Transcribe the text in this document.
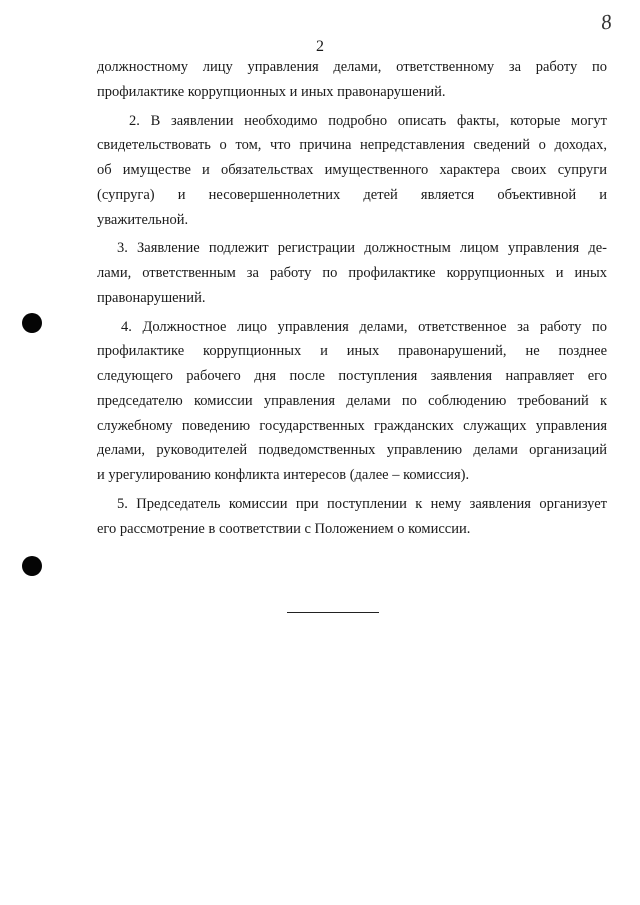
8
2
должностному лицу управления делами, ответственному за работу по
профилактике коррупционных и иных правонарушений.
2. В заявлении необходимо подробно описать факты, которые могут
свидетельствовать о том, что причина непредставления сведений о доходах,
об имуществе и обязательствах имущественного характера своих супруги
(супруга) и несовершеннолетних детей является объективной и
уважительной.
3. Заявление подлежит регистрации должностным лицом управления де-
лами, ответственным за работу по профилактике коррупционных и иных
правонарушений.
4. Должностное лицо управления делами, ответственное за работу по
профилактике коррупционных и иных правонарушений, не позднее
следующего рабочего дня после поступления заявления направляет его
председателю комиссии управления делами по соблюдению требований к
служебному поведению государственных гражданских служащих управления
делами, руководителей подведомственных управлению делами организаций
и урегулированию конфликта интересов (далее – комиссия).
5. Председатель комиссии при поступлении к нему заявления организует
его рассмотрение в соответствии с Положением о комиссии.
